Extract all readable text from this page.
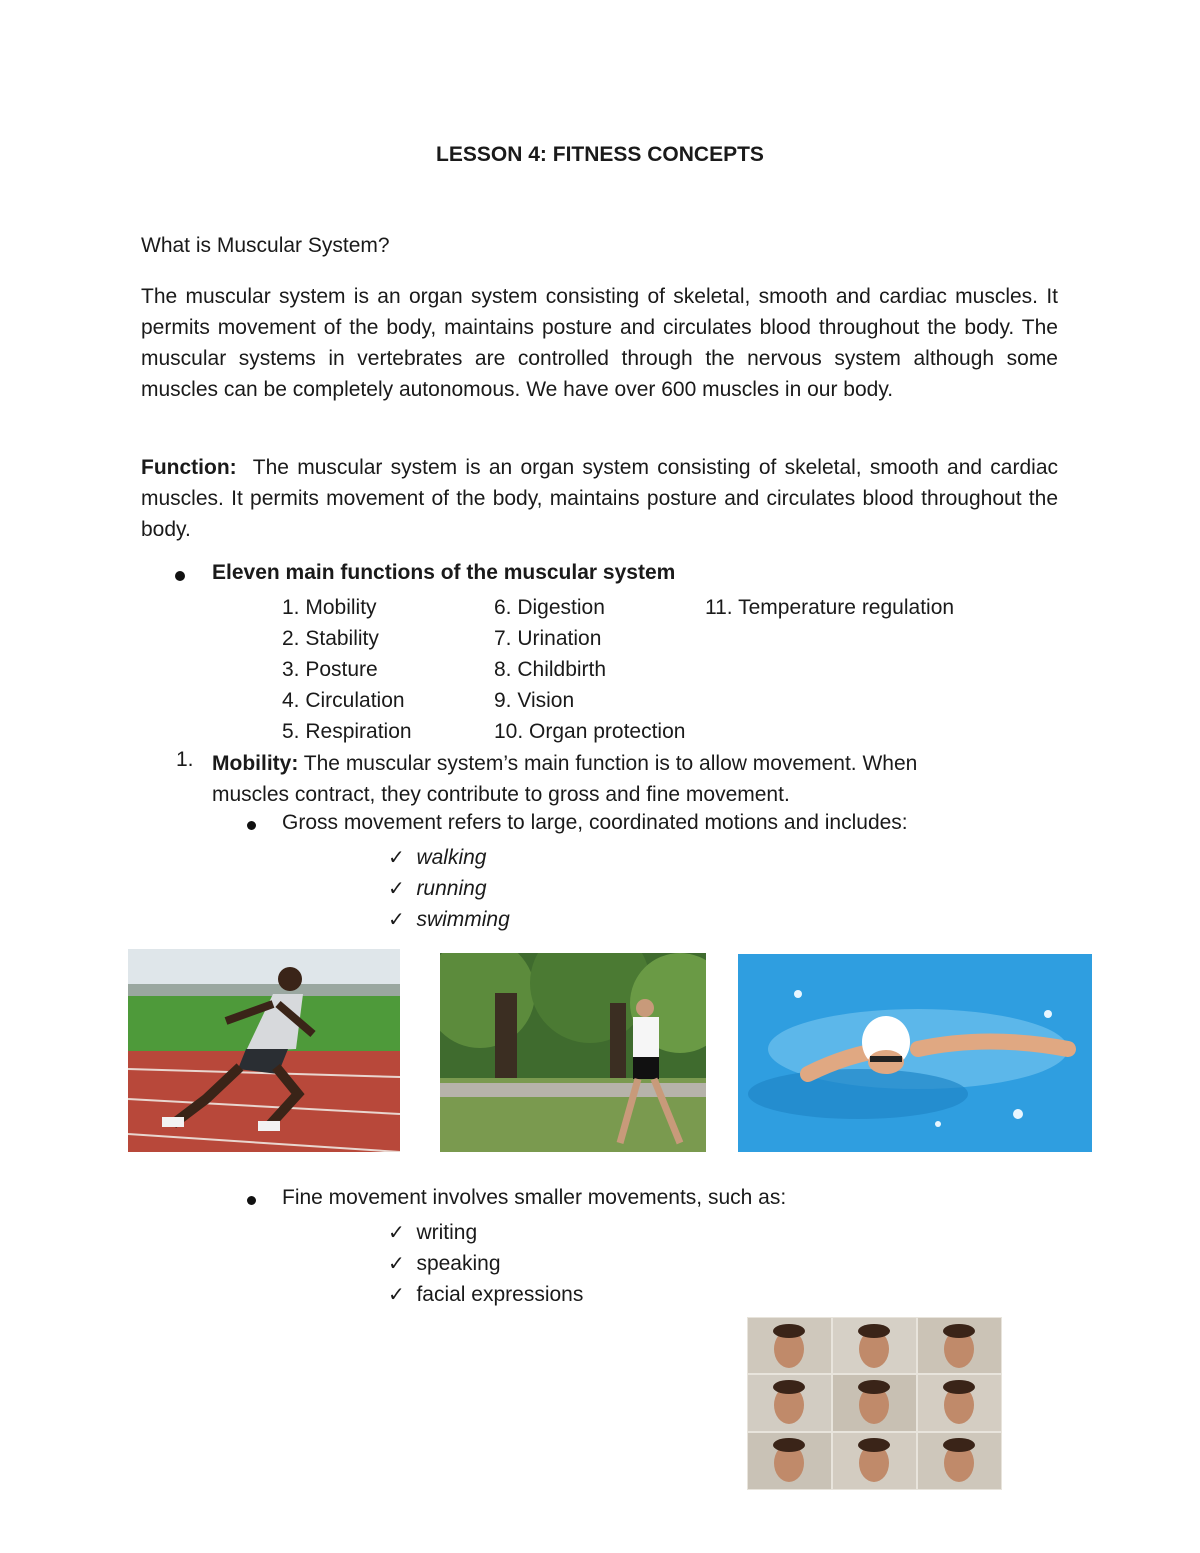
LESSON 4: FITNESS CONCEPTS
What is Muscular System?
The muscular system is an organ system consisting of skeletal, smooth and cardiac muscles. It permits movement of the body, maintains posture and circulates blood throughout the body. The muscular systems in vertebrates are controlled through the nervous system although some muscles can be completely autonomous. We have over 600 muscles in our body.
Function: The muscular system is an organ system consisting of skeletal, smooth and cardiac muscles. It permits movement of the body, maintains posture and circulates blood throughout the body.
Eleven main functions of the muscular system
1. Mobility
2. Stability
3. Posture
4. Circulation
5. Respiration
6. Digestion
7. Urination
8. Childbirth
9. Vision
10. Organ protection
11. Temperature regulation
1. Mobility: The muscular system’s main function is to allow movement. When
muscles contract, they contribute to gross and fine movement.
Gross movement refers to large, coordinated motions and includes:
✓ walking
✓ running
✓ swimming
Fine movement involves smaller movements, such as:
✓ writing
✓ speaking
✓ facial expressions
